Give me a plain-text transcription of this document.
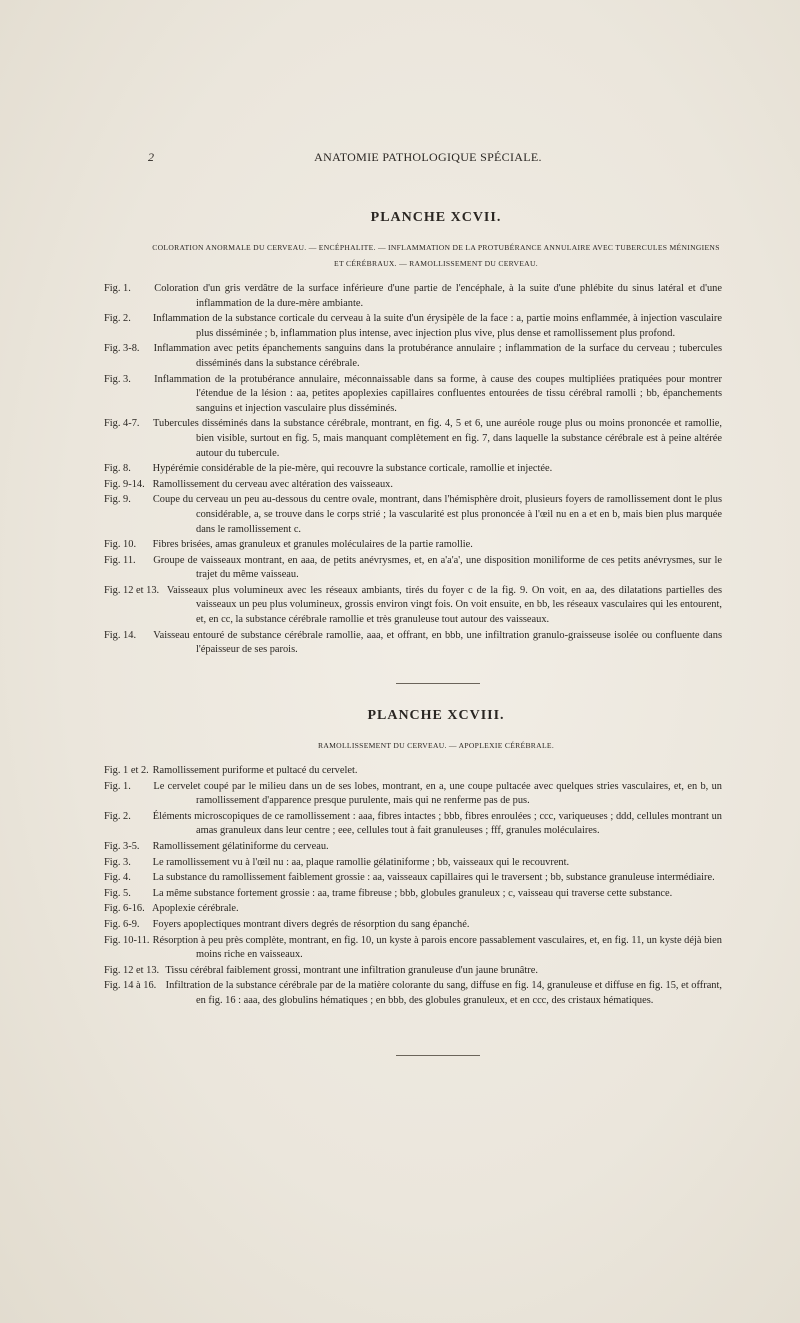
2	ANATOMIE PATHOLOGIQUE SPÉCIALE.
PLANCHE XCVII.
COLORATION ANORMALE DU CERVEAU. — ENCÉPHALITE. — INFLAMMATION DE LA PROTUBÉRANCE ANNULAIRE AVEC TUBERCULES MÉNINGIENS ET CÉRÉBRAUX. — RAMOLLISSEMENT DU CERVEAU.
Fig. 1. Coloration d'un gris verdâtre de la surface inférieure d'une partie de l'encéphale, à la suite d'une phlébite du sinus latéral et d'une inflammation de la dure-mère ambiante.
Fig. 2. Inflammation de la substance corticale du cerveau à la suite d'un érysipèle de la face : a, partie moins enflammée, à injection vasculaire plus disséminée ; b, inflammation plus intense, avec injection plus vive, plus dense et ramollissement plus profond.
Fig. 3-8. Inflammation avec petits épanchements sanguins dans la protubérance annulaire ; inflammation de la surface du cerveau ; tubercules disséminés dans la substance cérébrale.
Fig. 3. Inflammation de la protubérance annulaire, méconnaissable dans sa forme, à cause des coupes multipliées pratiquées pour montrer l'étendue de la lésion : aa, petites apoplexies capillaires confluentes entourées de tissu cérébral ramolli ; bb, épanchements sanguins et injection vasculaire plus disséminés.
Fig. 4-7. Tubercules disséminés dans la substance cérébrale, montrant, en fig. 4, 5 et 6, une auréole rouge plus ou moins prononcée et ramollie, bien visible, surtout en fig. 5, mais manquant complètement en fig. 7, dans laquelle la substance cérébrale est à peine altérée autour du tubercule.
Fig. 8. Hypérémie considérable de la pie-mère, qui recouvre la substance corticale, ramollie et injectée.
Fig. 9-14. Ramollissement du cerveau avec altération des vaisseaux.
Fig. 9. Coupe du cerveau un peu au-dessous du centre ovale, montrant, dans l'hémisphère droit, plusieurs foyers de ramollissement dont le plus considérable, a, se trouve dans le corps strié ; la vascularité est plus prononcée à l'œil nu en a et en b, mais bien plus marquée dans le ramollissement c.
Fig. 10. Fibres brisées, amas granuleux et granules moléculaires de la partie ramollie.
Fig. 11. Groupe de vaisseaux montrant, en aaa, de petits anévrysmes, et, en a'a'a', une disposition moniliforme de ces petits anévrysmes, sur le trajet du même vaisseau.
Fig. 12 et 13. Vaisseaux plus volumineux avec les réseaux ambiants, tirés du foyer c de la fig. 9. On voit, en aa, des dilatations partielles des vaisseaux un peu plus volumineux, grossis environ vingt fois. On voit ensuite, en bb, les réseaux vasculaires qui les entourent, et, en cc, la substance cérébrale ramollie et très granuleuse tout autour des vaisseaux.
Fig. 14. Vaisseau entouré de substance cérébrale ramollie, aaa, et offrant, en bbb, une infiltration granulo-graisseuse isolée ou confluente dans l'épaisseur de ses parois.
PLANCHE XCVIII.
RAMOLLISSEMENT DU CERVEAU. — APOPLEXIE CÉRÉBRALE.
Fig. 1 et 2. Ramollissement puriforme et pultacé du cervelet.
Fig. 1. Le cervelet coupé par le milieu dans un de ses lobes, montrant, en a, une coupe pultacée avec quelques stries vasculaires, et, en b, un ramollissement d'apparence presque purulente, mais qui ne renferme pas de pus.
Fig. 2. Éléments microscopiques de ce ramollissement : aaa, fibres intactes ; bbb, fibres enroulées ; ccc, variqueuses ; ddd, cellules montrant un amas granuleux dans leur centre ; eee, cellules tout à fait granuleuses ; fff, granules moléculaires.
Fig. 3-5. Ramollissement gélatiniforme du cerveau.
Fig. 3. Le ramollissement vu à l'œil nu : aa, plaque ramollie gélatiniforme ; bb, vaisseaux qui le recouvrent.
Fig. 4. La substance du ramollissement faiblement grossie : aa, vaisseaux capillaires qui le traversent ; bb, substance granuleuse intermédiaire.
Fig. 5. La même substance fortement grossie : aa, trame fibreuse ; bbb, globules granuleux ; c, vaisseau qui traverse cette substance.
Fig. 6-16. Apoplexie cérébrale.
Fig. 6-9. Foyers apoplectiques montrant divers degrés de résorption du sang épanché.
Fig. 10-11. Résorption à peu près complète, montrant, en fig. 10, un kyste à parois encore passablement vasculaires, et, en fig. 11, un kyste déjà bien moins riche en vaisseaux.
Fig. 12 et 13. Tissu cérébral faiblement grossi, montrant une infiltration granuleuse d'un jaune brunâtre.
Fig. 14 à 16. Infiltration de la substance cérébrale par de la matière colorante du sang, diffuse en fig. 14, granuleuse et diffuse en fig. 15, et offrant, en fig. 16 : aaa, des globulins hématiques ; en bbb, des globules granuleux, et en ccc, des cristaux hématiques.
